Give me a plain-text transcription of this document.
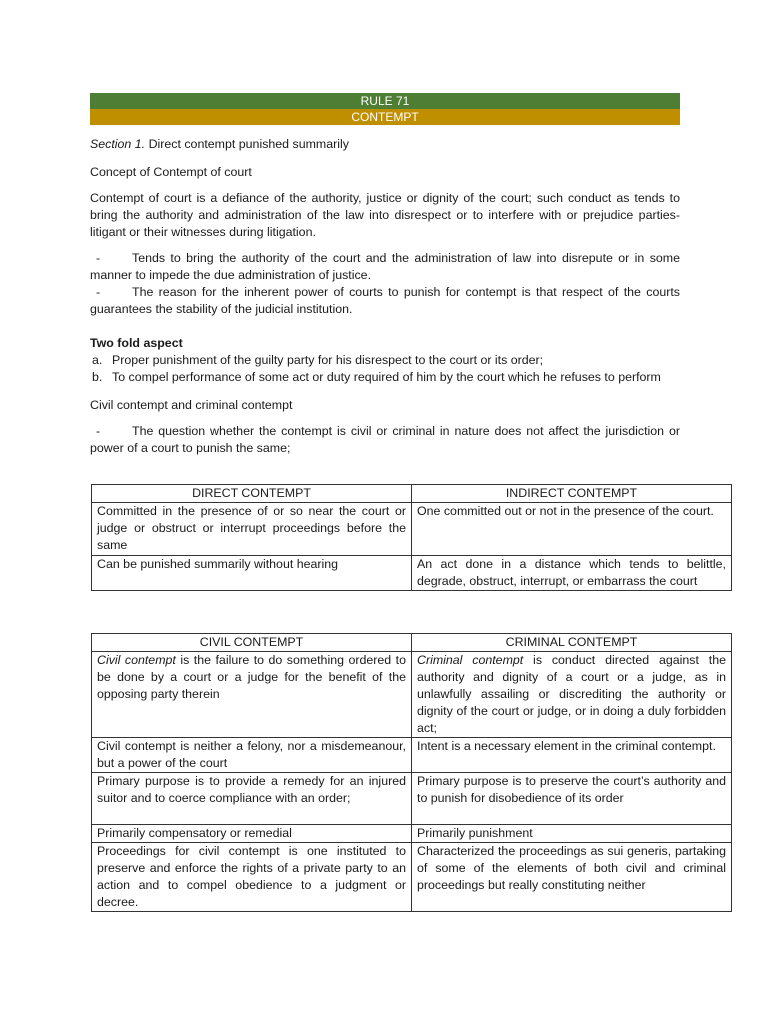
RULE 71
CONTEMPT
Section 1. Direct contempt punished summarily
Concept of Contempt of court
Contempt of court is a defiance of the authority, justice or dignity of the court; such conduct as tends to bring the authority and administration of the law into disrespect or to interfere with or prejudice parties-litigant or their witnesses during litigation.
-	Tends to bring the authority of the court and the administration of law into disrepute or in some manner to impede the due administration of justice.
-	The reason for the inherent power of courts to punish for contempt is that respect of the courts guarantees the stability of the judicial institution.
Two fold aspect
a. Proper punishment of the guilty party for his disrespect to the court or its order;
b. To compel performance of some act or duty required of him by the court which he refuses to perform
Civil contempt and criminal contempt
-	The question whether the contempt is civil or criminal in nature does not affect the jurisdiction or power of a court to punish the same;
DIRECT CONTEMPT	INDIRECT CONTEMPT
Committed in the presence of or so near the court or judge or obstruct or interrupt proceedings before the same	One committed out or not in the presence of the court.
Can be punished summarily without hearing	An act done in a distance which tends to belittle, degrade, obstruct, interrupt, or embarrass the court
CIVIL CONTEMPT	CRIMINAL CONTEMPT
Civil contempt is the failure to do something ordered to be done by a court or a judge for the benefit of the opposing party therein	Criminal contempt is conduct directed against the authority and dignity of a court or a judge, as in unlawfully assailing or discrediting the authority or dignity of the court or judge, or in doing a duly forbidden act;
Civil contempt is neither a felony, nor a misdemeanour, but a power of the court	Intent is a necessary element in the criminal contempt.
Primary purpose is to provide a remedy for an injured suitor and to coerce compliance with an order;	Primary purpose is to preserve the court’s authority and to punish for disobedience of its order
Primarily compensatory or remedial	Primarily punishment
Proceedings for civil contempt is one instituted to preserve and enforce the rights of a private party to an action and to compel obedience to a judgment or decree.	Characterized the proceedings as sui generis, partaking of some of the elements of both civil and criminal proceedings but really constituting neither
